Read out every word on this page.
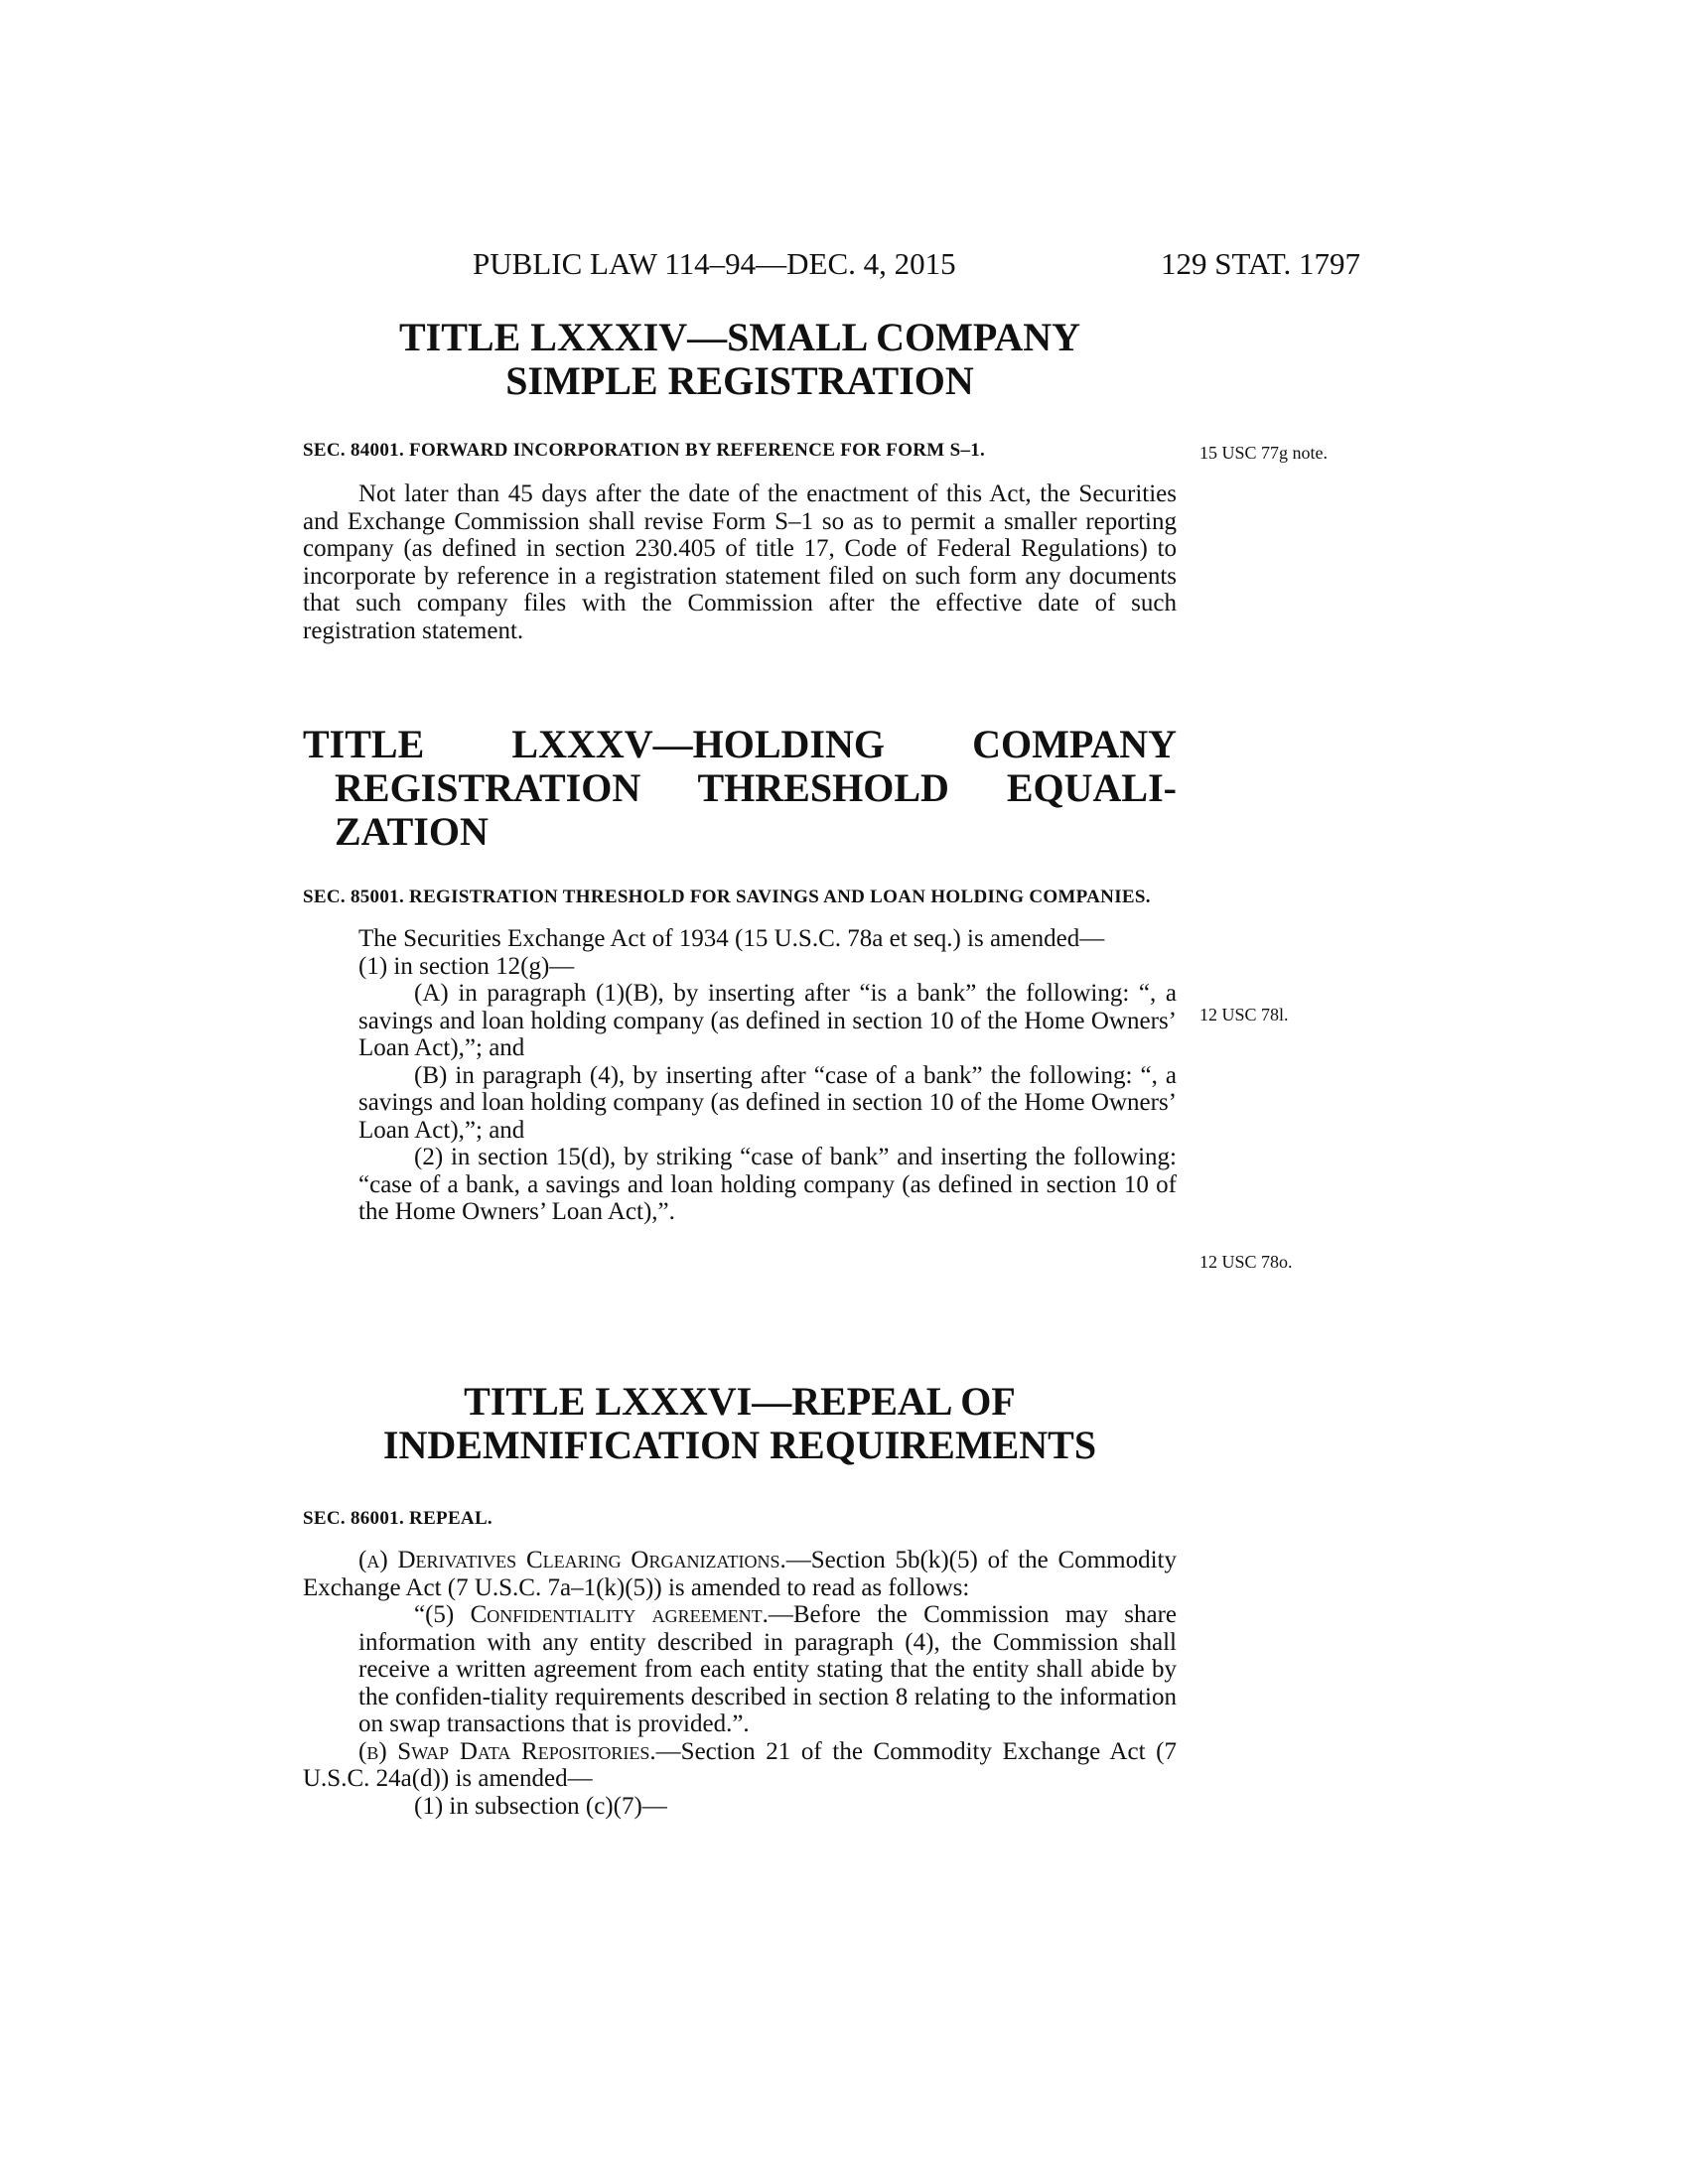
PUBLIC LAW 114–94—DEC. 4, 2015	129 STAT. 1797
TITLE LXXXIV—SMALL COMPANY
SIMPLE REGISTRATION
SEC. 84001. FORWARD INCORPORATION BY REFERENCE FOR FORM S–1.

Not later than 45 days after the date of the enactment of this Act, the Securities and Exchange Commission shall revise Form S–1 so as to permit a smaller reporting company (as defined in section 230.405 of title 17, Code of Federal Regulations) to incorporate by reference in a registration statement filed on such form any documents that such company files with the Commission after the effective date of such registration statement.

15 USC 77g note.
TITLE LXXXV—HOLDING COMPANY REGISTRATION THRESHOLD EQUALI-ZATION
SEC. 85001. REGISTRATION THRESHOLD FOR SAVINGS AND LOAN HOLDING COMPANIES.

The Securities Exchange Act of 1934 (15 U.S.C. 78a et seq.) is amended—

(1) in section 12(g)—

(A) in paragraph (1)(B), by inserting after “is a bank” the following: “, a savings and loan holding company (as defined in section 10 of the Home Owners’ Loan Act),”; and

(B) in paragraph (4), by inserting after “case of a bank” the following: “, a savings and loan holding company (as defined in section 10 of the Home Owners’ Loan Act),”; and

(2) in section 15(d), by striking “case of bank” and inserting the following: “case of a bank, a savings and loan holding company (as defined in section 10 of the Home Owners’ Loan Act),”.

12 USC 78l.
12 USC 78o.
TITLE LXXXVI—REPEAL OF
INDEMNIFICATION REQUIREMENTS
SEC. 86001. REPEAL.

(a) Derivatives Clearing Organizations.—Section 5b(k)(5) of the Commodity Exchange Act (7 U.S.C. 7a–1(k)(5)) is amended to read as follows:

“(5) Confidentiality agreement.—Before the Commission may share information with any entity described in paragraph (4), the Commission shall receive a written agreement from each entity stating that the entity shall abide by the confiden-tiality requirements described in section 8 relating to the information on swap transactions that is provided.”.

(b) Swap Data Repositories.—Section 21 of the Commodity Exchange Act (7 U.S.C. 24a(d)) is amended—

(1) in subsection (c)(7)—
